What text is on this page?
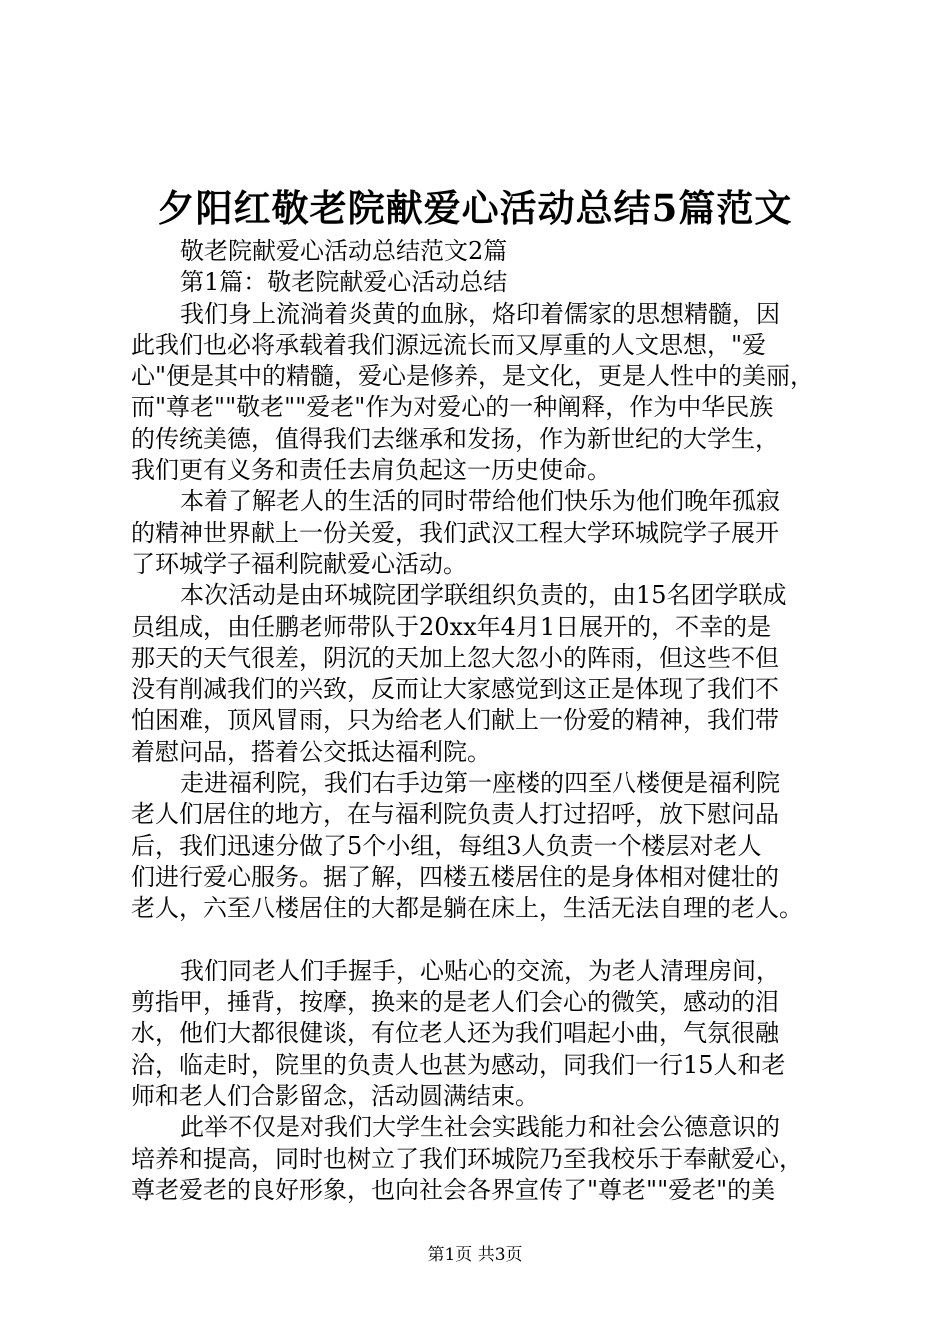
夕阳红敬老院献爱心活动总结5篇范文
敬老院献爱心活动总结范文2篇
第1篇：敬老院献爱心活动总结
我们身上流淌着炎黄的血脉，烙印着儒家的思想精髓，因
此我们也必将承载着我们源远流长而又厚重的人文思想，"爱
心"便是其中的精髓，爱心是修养，是文化，更是人性中的美丽，
而"尊老""敬老""爱老"作为对爱心的一种阐释，作为中华民族
的传统美德，值得我们去继承和发扬，作为新世纪的大学生，
我们更有义务和责任去肩负起这一历史使命。
本着了解老人的生活的同时带给他们快乐为他们晚年孤寂
的精神世界献上一份关爱，我们武汉工程大学环城院学子展开
了环城学子福利院献爱心活动。
本次活动是由环城院团学联组织负责的，由15名团学联成
员组成，由任鹏老师带队于20xx年4月1日展开的，不幸的是
那天的天气很差，阴沉的天加上忽大忽小的阵雨，但这些不但
没有削减我们的兴致，反而让大家感觉到这正是体现了我们不
怕困难，顶风冒雨，只为给老人们献上一份爱的精神，我们带
着慰问品，搭着公交抵达福利院。
走进福利院，我们右手边第一座楼的四至八楼便是福利院
老人们居住的地方，在与福利院负责人打过招呼，放下慰问品
后，我们迅速分做了5个小组，每组3人负责一个楼层对老人
们进行爱心服务。据了解，四楼五楼居住的是身体相对健壮的
老人，六至八楼居住的大都是躺在床上，生活无法自理的老人。
我们同老人们手握手，心贴心的交流，为老人清理房间，
剪指甲，捶背，按摩，换来的是老人们会心的微笑，感动的泪
水，他们大都很健谈，有位老人还为我们唱起小曲，气氛很融
洽，临走时，院里的负责人也甚为感动，同我们一行15人和老
师和老人们合影留念，活动圆满结束。
此举不仅是对我们大学生社会实践能力和社会公德意识的
培养和提高，同时也树立了我们环城院乃至我校乐于奉献爱心，
尊老爱老的良好形象，也向社会各界宣传了"尊老""爱老"的美
第1页 共3页
